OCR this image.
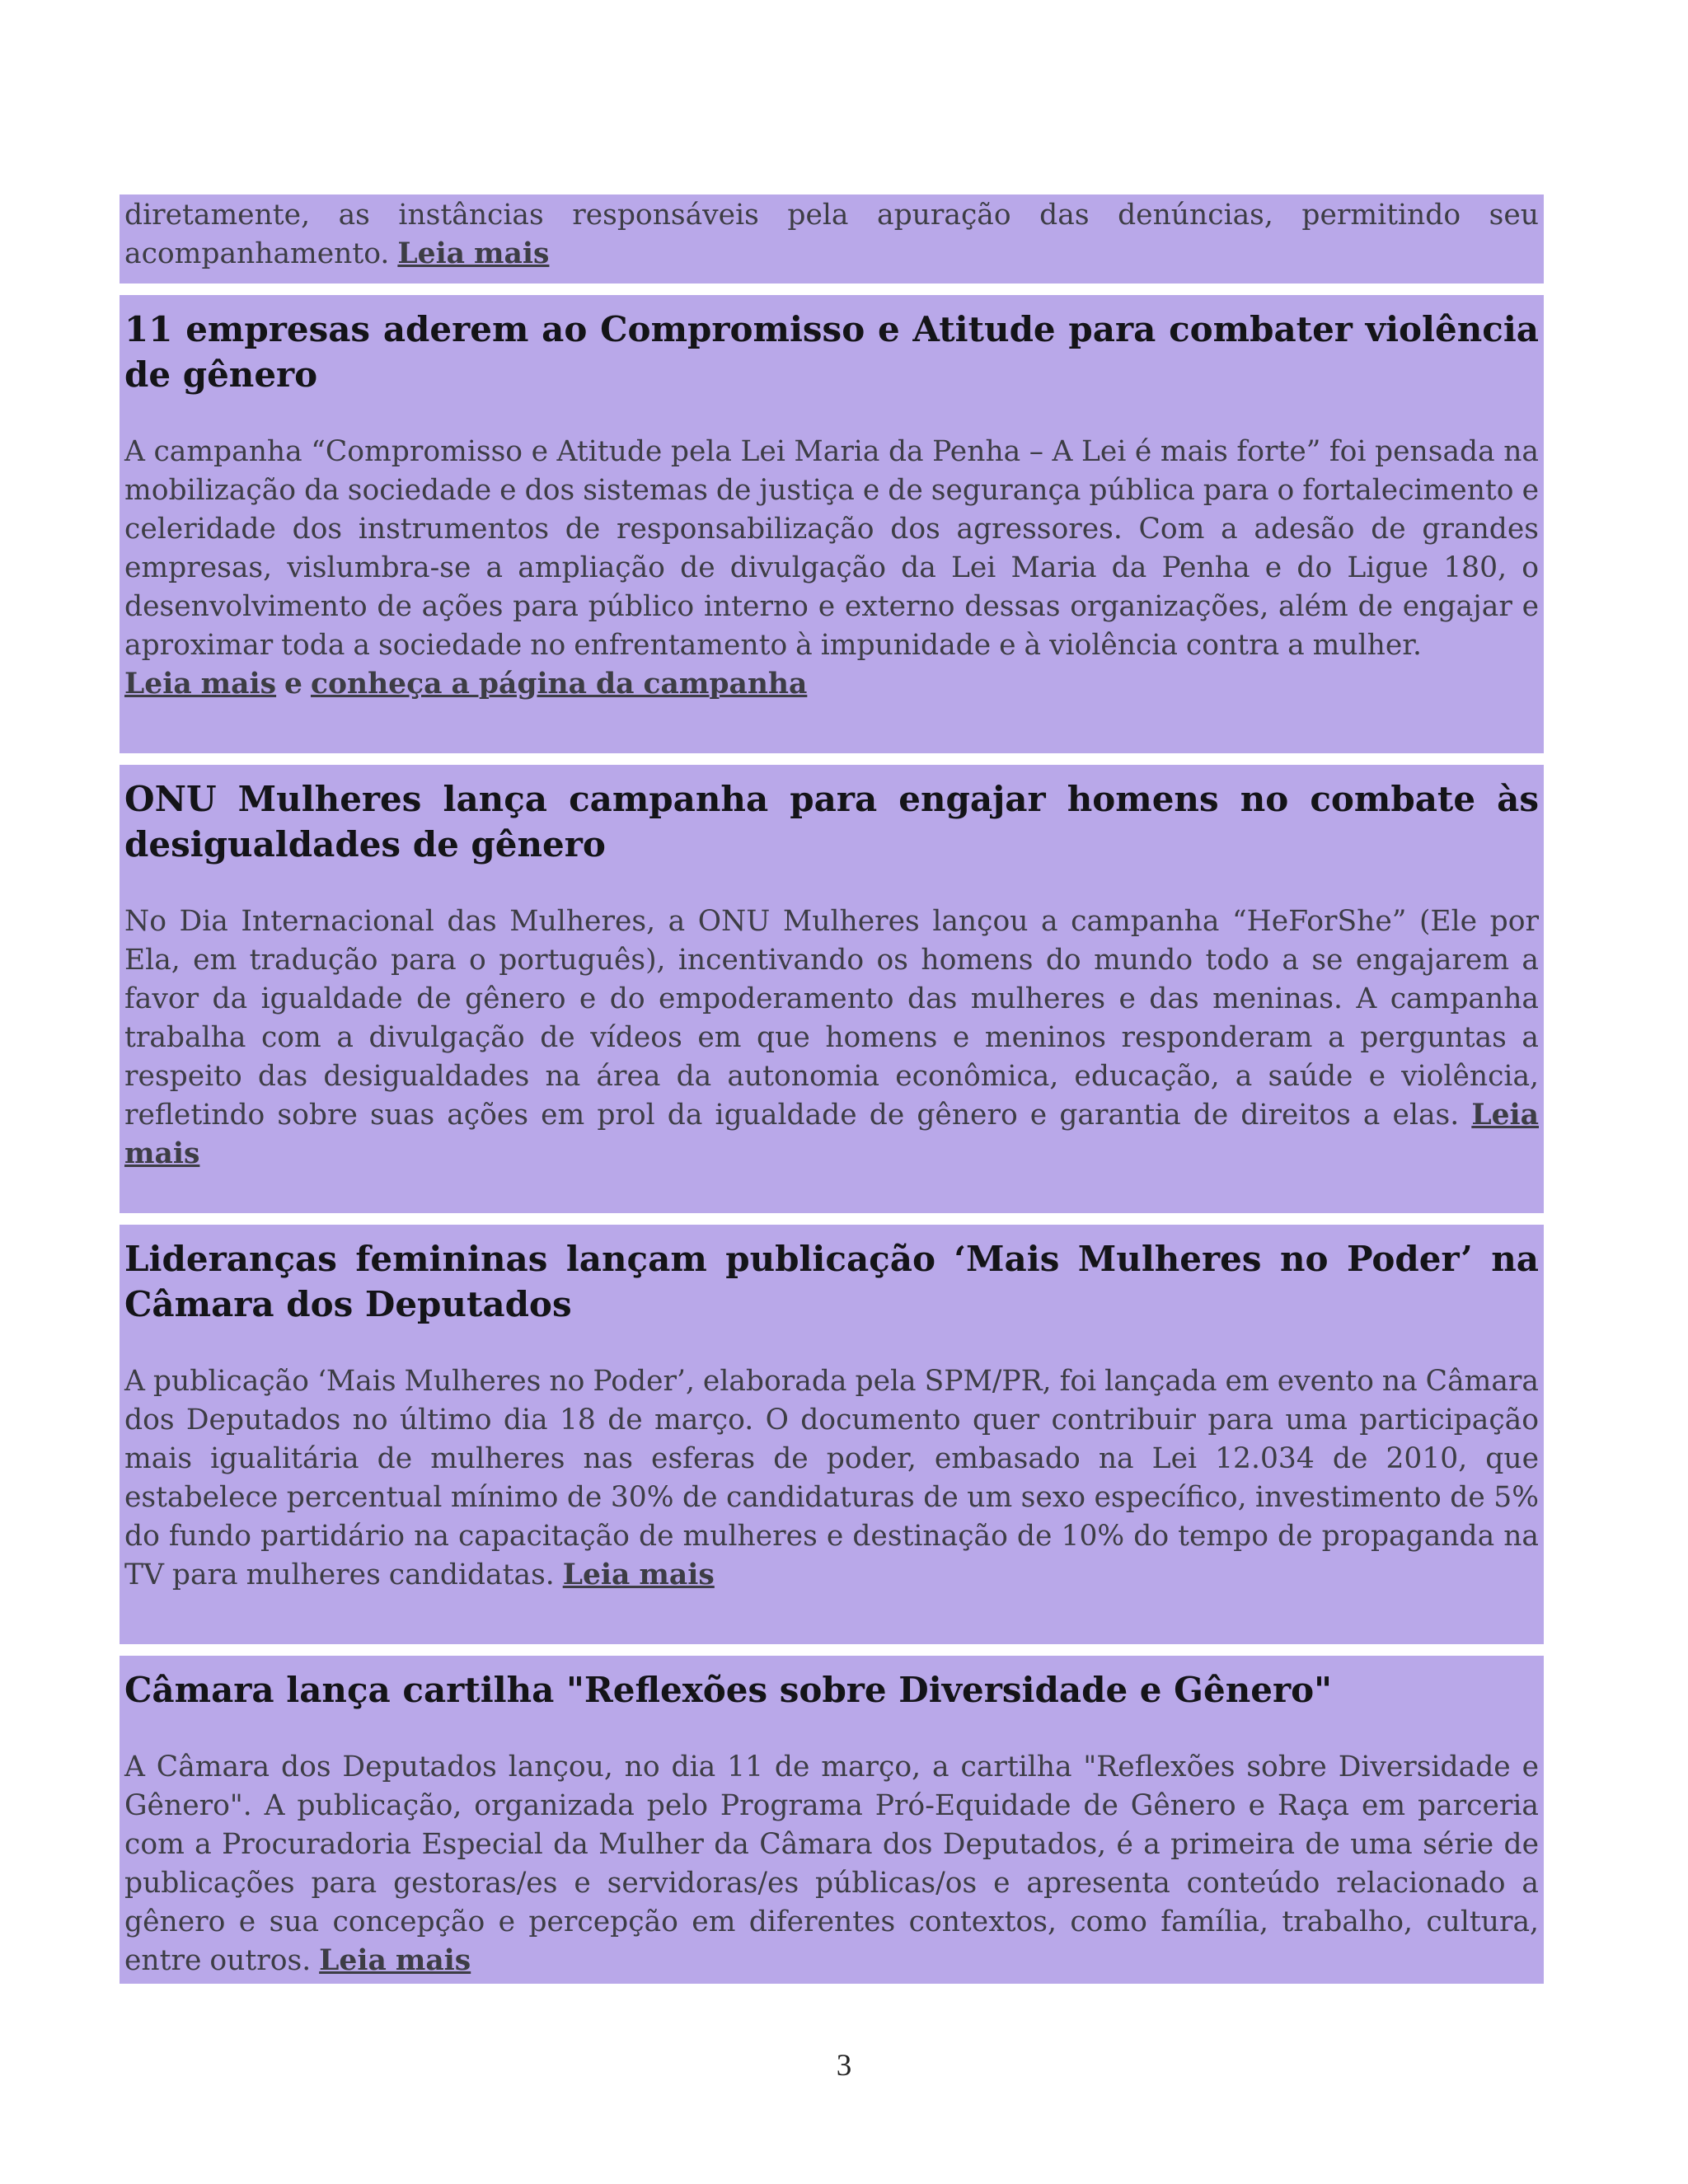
diretamente, as instâncias responsáveis pela apuração das denúncias, permitindo seu acompanhamento. Leia mais

11 empresas aderem ao Compromisso e Atitude para combater violência de gênero

A campanha “Compromisso e Atitude pela Lei Maria da Penha – A Lei é mais forte” foi pensada na mobilização da sociedade e dos sistemas de justiça e de segurança pública para o fortalecimento e celeridade dos instrumentos de responsabilização dos agressores. Com a adesão de grandes empresas, vislumbra-se a ampliação de divulgação da Lei Maria da Penha e do Ligue 180, o desenvolvimento de ações para público interno e externo dessas organizações, além de engajar e aproximar toda a sociedade no enfrentamento à impunidade e à violência contra a mulher.
Leia mais e conheça a página da campanha

ONU Mulheres lança campanha para engajar homens no combate às desigualdades de gênero

No Dia Internacional das Mulheres, a ONU Mulheres lançou a campanha “HeForShe” (Ele por Ela, em tradução para o português), incentivando os homens do mundo todo a se engajarem a favor da igualdade de gênero e do empoderamento das mulheres e das meninas. A campanha trabalha com a divulgação de vídeos em que homens e meninos responderam a perguntas a respeito das desigualdades na área da autonomia econômica, educação, a saúde e violência, refletindo sobre suas ações em prol da igualdade de gênero e garantia de direitos a elas. Leia mais

Lideranças femininas lançam publicação ‘Mais Mulheres no Poder’ na Câmara dos Deputados

A publicação ‘Mais Mulheres no Poder’, elaborada pela SPM/PR, foi lançada em evento na Câmara dos Deputados no último dia 18 de março. O documento quer contribuir para uma participação mais igualitária de mulheres nas esferas de poder, embasado na Lei 12.034 de 2010, que estabelece percentual mínimo de 30% de candidaturas de um sexo específico, investimento de 5% do fundo partidário na capacitação de mulheres e destinação de 10% do tempo de propaganda na TV para mulheres candidatas. Leia mais

Câmara lança cartilha "Reflexões sobre Diversidade e Gênero"

A Câmara dos Deputados lançou, no dia 11 de março, a cartilha "Reflexões sobre Diversidade e Gênero". A publicação, organizada pelo Programa Pró-Equidade de Gênero e Raça em parceria com a Procuradoria Especial da Mulher da Câmara dos Deputados, é a primeira de uma série de publicações para gestoras/es e servidoras/es públicas/os e apresenta conteúdo relacionado a gênero e sua concepção e percepção em diferentes contextos, como família, trabalho, cultura, entre outros. Leia mais

3
